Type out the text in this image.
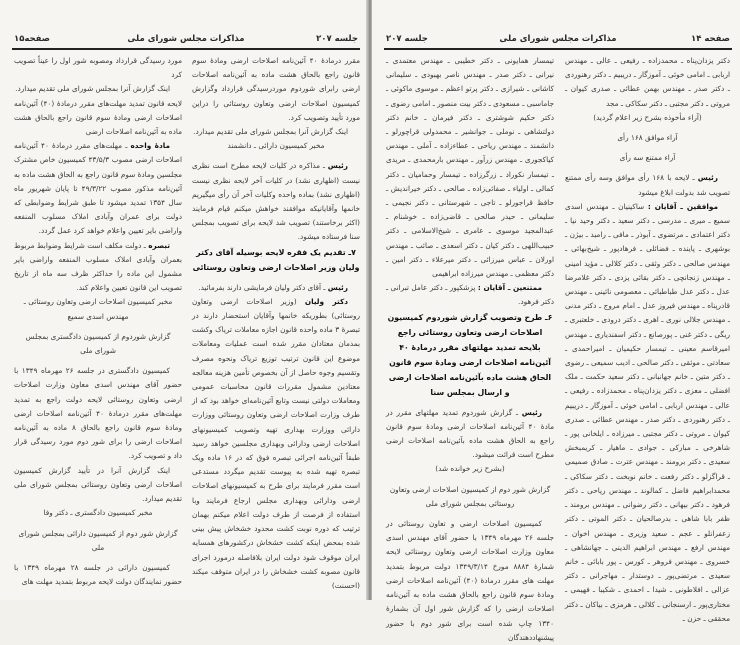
جلسه ۲۰۷
مذاکرات مجلس شورای ملی
صفحه۱۵

مقرر درمادهٔ ۴۰ آئین‌نامه اصلاحات ارضی ومادهٔ سوم قانون راجع بالحاق هشت ماده به آئین‌نامه اصلاحات ارضی رابرای شوردوم موردرسیدگی قرارداد وگزارش کمیسیون اصلاحات ارضی وتعاون روستائی را دراین مورد تأیید وتصویب کرد.

اینک گزارش آنرا بمجلس شورای ملی تقدیم میدارد.

مخبر کمیسیون دارائی ـ دانشمند

رئیس ـ مذاکره در کلیات لایحه مطرح است نظری نیست (اظهاری نشد) در کلیات آخر لایحه نظری نیست (اظهاری نشد) بماده واحده وکلیات آخر آن رأی میگیریم خانمها وآقایانیکه موافقند خواهش میکنم قیام فرمایند (اکثر برخاستند) تصویب شد لایحه برای تصویب بمجلس سنا فرستاده میشود.

۷ـ تقدیم یک فقره لایحه بوسیله آقای دکتر ولیان وزیر اصلاحات ارضی وتعاون روستائی

رئیس ـ آقای دکتر ولیان فرمایشی دارند بفرمائید.

دکتر ولیان (وزیر اصلاحات ارضی وتعاون روستائی) بطوریکه خانمها وآقایان استحضار دارند در تبصرهٔ ۳ ماده واحده قانون اجازه معاملات تریاک وکشت بمدمان معتادان مقرر شده است عملیات ومعاملات موضوع این قانون ترتیب توزیع تریاک ونحوه مصرف وتقسیم وجوه حاصل از آن بخصوص تأمین هزینه معالجه معتادین مشمول مقررات قانون محاسبات عمومی ومعاملات دولتی نیست وتابع آئین‌نامه‌ای خواهد بود که از طرف وزارت اصلاحات ارضی وتعاون روستائی ووزارت دارائی ووزارت بهداری تهیه وتصویب کمیسیونهای اصلاحات ارضی ودارائی وبهداری مجلسین خواهد رسید طبقاً آئین‌نامه اجرائی تبصره فوق که در ۱۶ ماده ویک تبصره تهیه شده به پیوست تقدیم میگردد مستدعی است مقرر فرمایند برای طرح به کمیسیونهای اصلاحات ارضی ودارائی وبهداری مجلس ارجاع فرمایند وبا استفاده از فرصت از طرف دولت اعلام میکنم بهمان ترتیب که دوره نوبت کشت محدود خشخاش پیش بینی شده بمحض اینکه کشت خشخاش درکشورهای همسایه ایران موقوف شود دولت ایران بلافاصله درمورد اجرای قانون مصوبه کشت خشخاش را در ایران متوقف میکند (احسنت)

مورد رسیدگی قرارداد ومصوبه شور اول را عیناً تصویب کرد

اینک گزارش آنرا بمجلس شورای ملی تقدیم میدارد.

لایحه قانون تمدید مهلت‌های مقرر درمادهٔ (۴۰) آئین‌نامه اصلاحات ارضی ومادهٔ سوم قانون راجع بالحاق هشت ماده به آئین‌نامه اصلاحات ارضی

مادهٔ واحده ـ مهلت‌های مقرر درمادهٔ ۴۰ آئین‌نامه اصلاحات ارضی مصوب ۴۳/۵/۳ کمیسیون خاص مشترک مجلسین ومادهٔ سوم قانون راجع به الحاق هشت ماده به آئین‌نامه مذکور مصوب ۴۹/۳/۲۲ تا پایان شهریور ماه سال ۱۳۵۴ تمدید میشود تا طبق شرایط وضوابطی که دولت برای عمران وآبادی املاک مسلوب المنفعه واراضی بایر تعیین واعلام خواهد کرد عمل گردد.

تبصره ـ دولت مکلف است شرایط وضوابط مربوط بعمران وآبادی املاک مسلوب المنفعه واراضی بایر مشمول این ماده را حداکثر ظرف سه ماه از تاریخ تصویب این قانون تعیین واعلام کند.

مخبر کمیسیون اصلاحات ارضی وتعاون روستائی ـ مهندس اسدی سمیع

گزارش شوردوم از کمیسیون دادگستری بمجلس شورای ملی

کمیسیون دادگستری در جلسه ۲۶ مهرماه ۱۳۴۹ با حضور آقای مهندس اسدی معاون وزارت اصلاحات ارضی وتعاون روستائی لایحه دولت راجع به تمدید مهلت‌های مقرر درمادهٔ ۴۰ آئین‌نامه اصلاحات ارضی ومادهٔ سوم قانون راجع بالحاق ۸ ماده به آئین‌نامه اصلاحات ارضی را برای شور دوم مورد رسیدگی قرار داد و تصویب کرد.

اینک گزارش آنرا در تأیید گزارش کمیسیون اصلاحات ارضی وتعاون روستائی بمجلس شورای ملی تقدیم میدارد.

مخبر کمیسیون دادگستری ـ دکتر وفا

گزارش شور دوم از کمیسیون دارائی بمجلس شورای ملی

کمیسیون دارائی در جلسه ۲۸ مهرماه ۱۳۴۹ با حضور نمایندگان دولت لایحه مربوط بتمدید مهلت های

صفحه ۱۴
مذاکرات مجلس شورای ملی
جلسه ۲۰۷

دکتر یزدان‌پناه ـ محمدزاده ـ رفیعی ـ عالی ـ مهندس اربابی ـ امامی خوئی ـ آموزگار ـ دریبیم ـ دکتر رهنوردی ـ دکتر صدر ـ مهندس بهمن عطائی ـ صدری کیوان ـ مروتی ـ دکتر مجتبی ـ دکتر سکاکی ـ مجد

(آراء مأخوذه بشرح زیر اعلام گردید)

آراء موافق ۱۶۸ رأی

آراء ممتنع سه رأی

رئیس ـ لایحه با ۱۶۸ رأی موافق وسه رأی ممتنع تصویب شد بدولت ابلاغ میشود

موافقین ـ آقایان : ساکینیان ـ مهندس اسدی سمیع ـ میری ـ مدرسی ـ دکتر سعید ـ دکتر وحید نیا ـ دکتر اعتمادی ـ مرتضوی ـ آبوذر ـ مافی ـ رامبد ـ بیژن ـ بوشهری ـ پاینده ـ فضائلی ـ فرهادپور ـ شیخ‌بهائی ـ مهندس صالحی ـ دکتر وثقی ـ دکتر کلالی ـ مؤید امینی ـ مهندس زنجانچی ـ دکتر بقائی یزدی ـ دکتر غلامرضا عدل ـ دکتر عدل طباطبائی ـ معصومی نائینی ـ مهندس قادرپناه ـ مهندس فیروز عدل ـ امام مروج ـ دکتر مدنی ـ مهندس جلالی نوری ـ اهری ـ دکتر درودی ـ خلعتبری ـ ریگی ـ دکتر غنی ـ پورصانع ـ دکتر اسفندیاری ـ مهندس امیرقاسم معینی ـ تیمسار حکیمیان ـ امیراحمدی ـ سعادتی ـ موثقی ـ دکتر صالحی ـ ادیب سمیعی ـ رضوی ـ دکتر متین ـ خانم جهانبانی ـ دکتر سعید حکمت ـ ملک افضلی ـ معزی ـ دکتر یزدان‌پناه ـ محمدزاده ـ رفیعی ـ عالی ـ مهندس اربابی ـ امامی خوئی ـ آموزگار ـ دریبیم ـ دکتر رهنوردی ـ دکتر صدر ـ مهندس عطائی ـ صدری کیوان ـ مروتی ـ دکتر مجتبی ـ میرزاده ـ ایلخانی پور ـ شاهرخی ـ مبارکی ـ جوادی ـ ماهیار ـ کریمبخش سعیدی ـ دکتر برومند ـ مهندس عترت ـ صادق صمیمی ـ قراگزلو ـ دکتر رفعت ـ خانم نوبخت ـ دکتر سکاکی ـ محمدابراهیم فاضل ـ کمالوند ـ مهندس ریاحی ـ دکتر فرهود ـ دکتر بیهانی ـ دکتر رضوانی ـ مهندس برومند ـ ظفر بابا شاهی ـ بدرصالحیان ـ دکتر الموتی ـ دکتر زعفرانلو ـ عجم ـ سعید وزیری ـ مهندس اخوان ـ مهندس ارفع ـ مهندس ابراهیم الدینی ـ جهانشاهی ـ خسروی ـ مهندس فروهر ـ کورس ـ پور بابائی ـ خانم سعیدی ـ مرتضی‌پور ـ دوستدار ـ مهاجرانی ـ دکتر عزالی ـ افلاطونی ـ شیدا ـ احمدی ـ شکیبا ـ فهیمی ـ مختاری‌پور ـ ارسنجانی ـ کلالی ـ هرمزی ـ بیاکان ـ دکتر محققی ـ حزن ـ

تیمسار همایونی ـ دکتر خطیبی ـ مهندس معتمدی ـ نیرانی ـ دکتر صدر ـ مهندس ناصر بهبودی ـ سلیمانی کاشانی ـ شیرازی ـ دکتر پرتو اعظم ـ موسوی ماکوئی ـ جاماسبی ـ مسعودی ـ دکتر بیت منصور ـ امامی رضوی ـ دکتر حکیم شوشتری ـ دکتر فیرمان ـ خانم دکتر دولتشاهی ـ نوملی ـ جوانشیر ـ محمدولی قراچورلو ـ دانشمند ـ مهندس ریاحی ـ عطاءزاده ـ آملی ـ مهندس کیاکجوری ـ مهندس زرآور ـ مهندس بارمحمدی ـ مریدی ـ تیمسار نکوراد ـ زرگرزاده ـ تیمسار وحمامیان ـ دکتر کمالی ـ اولیاء ـ صفائی‌زاده ـ صالحی ـ دکتر خیراندیش ـ حافظ قراجورلو ـ تاجی ـ شهرستانی ـ دکتر نجیمی ـ سلیمانی ـ حیدر صالحی ـ قاضی‌زاده ـ خوشنام ـ عبدالمجید موسوی ـ عامری ـ شیخ‌الاسلامی ـ دکتر حبیب‌اللهی ـ دکتر کیان ـ دکتر اسعدی ـ صائب ـ مهندس اورلان ـ عباس میرزائی ـ دکتر میرعلاء ـ دکتر امین ـ دکتر معظمی ـ مهندس میرزاده ابراهیمی

ممتنعین ـ آقایان : پزشکپور ـ دکتر عامل تبرانی ـ دکتر فرهود.

۶ـ طرح وتصویب گزارش شوردوم کمیسیون اصلاحات ارضی وتعاون روستائی راجع بلایحه تمدید مهلتهای مقرر درمادهٔ ۴۰ آئین‌نامه اصلاحات ارضی ومادهٔ سوم قانون الحاق هشت ماده بآئین‌نامه اصلاحات ارضی و ارسال بمجلس سنا

رئیس ـ گزارش شوردوم تمدید مهلتهای مقرر در مادهٔ ۴۰ آئین‌نامه اصلاحات ارضی ومادهٔ سوم قانون راجع به الحاق هشت ماده بآئین‌نامه اصلاحات ارضی مطرح است قرائت میشود.

(بشرح زیر خوانده شد)

گزارش شور دوم از کمیسیون اصلاحات ارضی وتعاون روستائی بمجلس شورای ملی

کمیسیون اصلاحات ارضی و تعاون روستائی در جلسه ۲۶ مهرماه ۱۳۴۹ با حضور آقای مهندس اسدی معاون وزارت اصلاحات ارضی وتعاون روستائی لایحه شمارهٔ ۸۸۸۴ مورخ ۱۳۴۹/۳/۱۴ دولت مربوط بتمدید مهلت های مقرر درمادهٔ (۴۰) آئین‌نامه اصلاحات ارضی ومادهٔ سوم قانون راجع بالحاق هشت ماده به آئین‌نامه اصلاحات ارضی را که گزارش شور اول آن بشمارهٔ ۱۳۴۰ چاپ شده است برای شور دوم با حضور پیشنهاددهندگان
